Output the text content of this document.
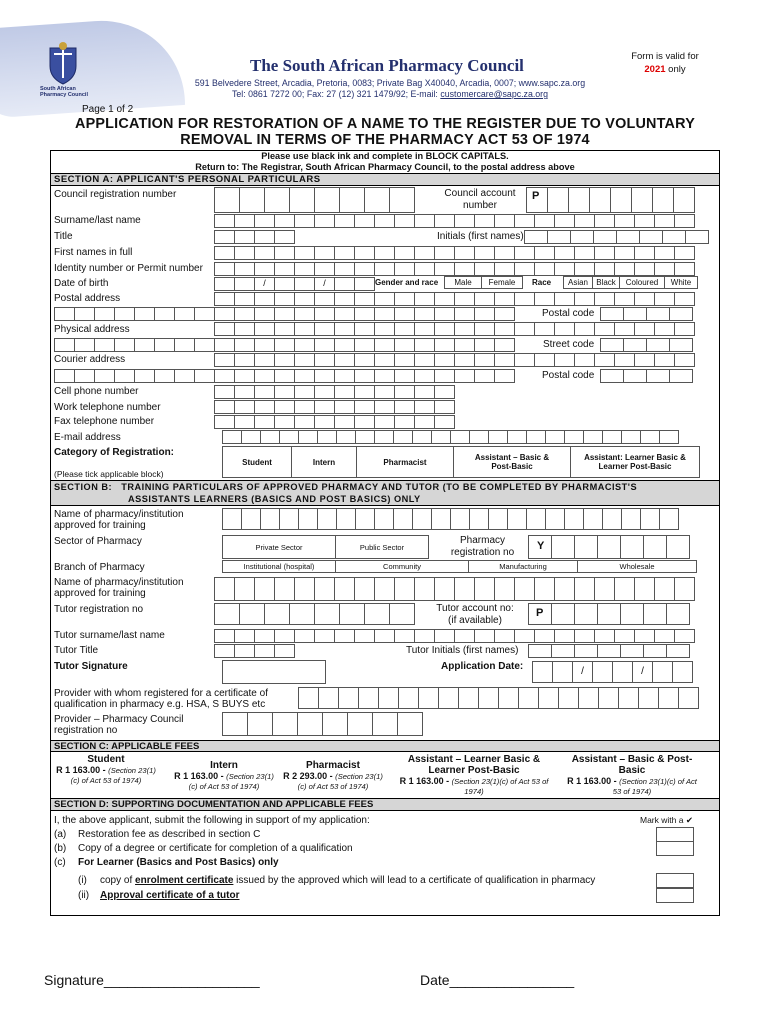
South African Pharmacy Council
The South African Pharmacy Council
591 Belvedere Street, Arcadia, Pretoria, 0083; Private Bag X40040, Arcadia, 0007; www.sapc.za.org
Tel: 0861 7272 00; Fax: 27 (12) 321 1479/92; E-mail: customercare@sapc.za.org
Form is valid for
2021 only
Page 1 of 2
APPLICATION FOR RESTORATION OF A NAME TO THE REGISTER DUE TO VOLUNTARY
REMOVAL IN TERMS OF THE PHARMACY ACT 53 OF 1974
Please use black ink and complete in BLOCK CAPITALS.
Return to: The Registrar, South African Pharmacy Council, to the postal address above
SECTION A: APPLICANT'S PERSONAL PARTICULARS
Council registration number	Council account
number
P
Surname/last name
Title	Initials (first names)
First names in full
Identity number or Permit number
Date of birth	/	/	Gender and race	Male	Female	Race	Asian	Black	Coloured	White
Postal address
Postal code
Physical address
Street code
Courier address
Postal code
Cell phone number
Work telephone number
Fax telephone number
E-mail address
Category of Registration:
(Please tick applicable block)
Student	Intern	Pharmacist	Assistant – Basic & Post-Basic
Assistant: Learner Basic & Learner Post-Basic
SECTION B: TRAINING PARTICULARS OF APPROVED PHARMACY AND TUTOR (TO BE COMPLETED BY PHARMACIST'S
ASSISTANTS LEARNERS (BASICS AND POST BASICS) ONLY
Name of pharmacy/institution
approved for training
Sector of Pharmacy	Private Sector	Public Sector
Pharmacy
registration no
Y
Branch of Pharmacy	Institutional (hospital)	Community	Manufacturing	Wholesale
Name of pharmacy/institution
approved for training
Tutor registration no	Tutor account no:
(if available)
P
Tutor surname/last name
Tutor Title	Tutor Initials (first names)
Tutor Signature	Application Date:	/	/
Provider with whom registered for a certificate of
qualification in pharmacy e.g. HSA, S BUYS etc
Provider – Pharmacy Council
registration no
SECTION C: APPLICABLE FEES
Student
R 1 163.00 - (Section 23(1)(c) of Act 53 of 1974)
Intern
R 1 163.00 - (Section 23(1)(c) of Act 53 of 1974)
Pharmacist
R 2 293.00 - (Section 23(1)(c) of Act 53 of 1974)
Assistant – Learner Basic & Learner Post-Basic
R 1 163.00 - (Section 23(1)(c) of Act 53 of 1974)
Assistant – Basic & Post-Basic
R 1 163.00 - (Section 23(1)(c) of Act 53 of 1974)
SECTION D: SUPPORTING DOCUMENTATION AND APPLICABLE FEES
I, the above applicant, submit the following in support of my application:	Mark with a ✔
(a) Restoration fee as described in section C
(b) Copy of a degree or certificate for completion of a qualification
(c) For Learner (Basics and Post Basics) only
(i) copy of enrolment certificate issued by the approved which will lead to a certificate of qualification in pharmacy
(ii) Approval certificate of a tutor
Signature____________________	Date________________
